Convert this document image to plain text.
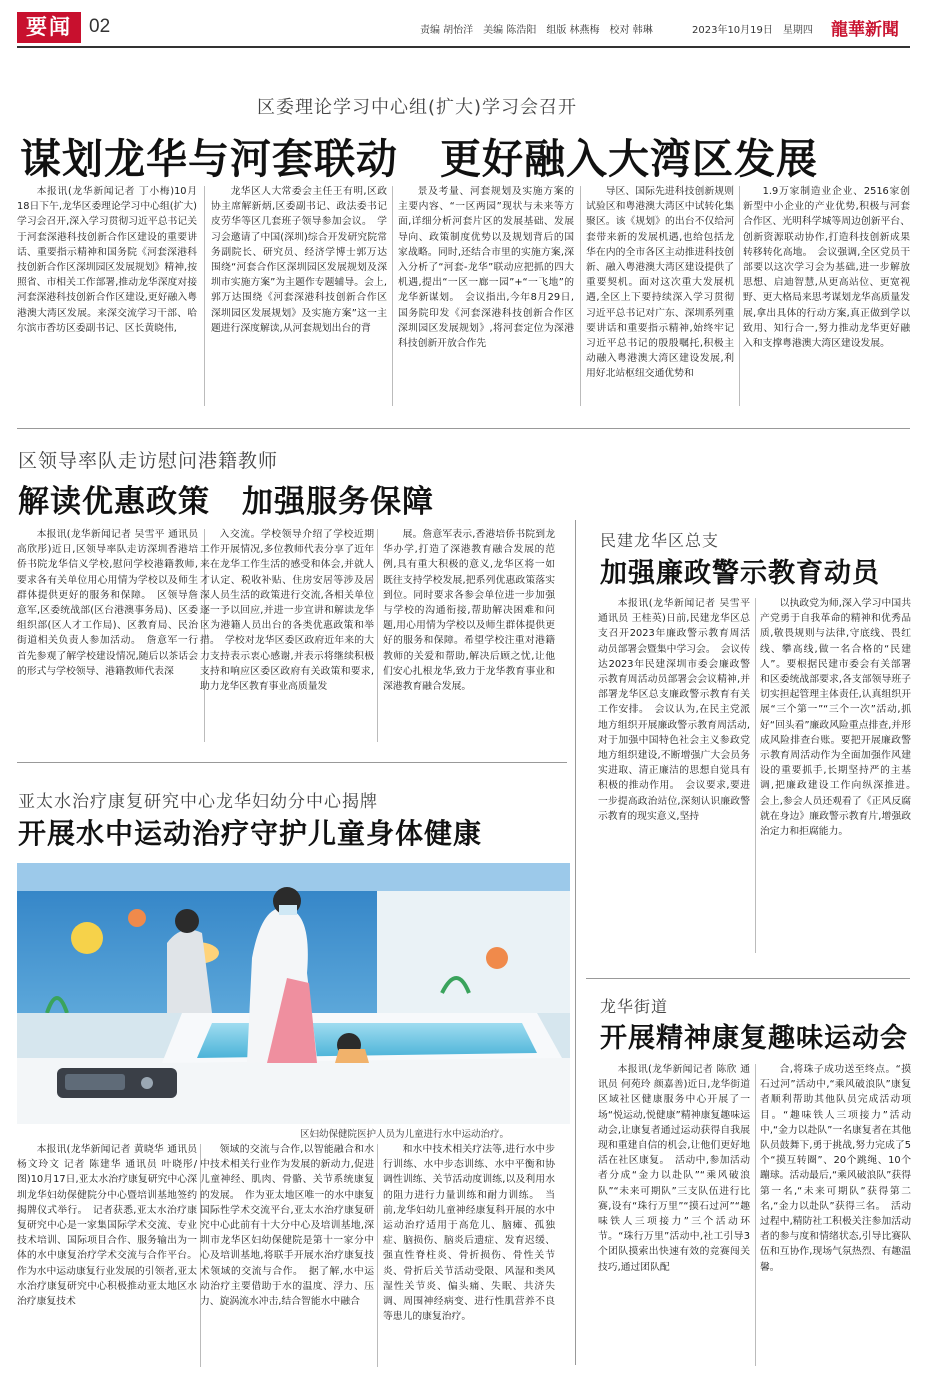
要闻 02	责编 胡怡洋　美编 陈浩阳　组版 林燕梅　校对 韩琳	2023年10月19日　星期四 龍華新聞
区委理论学习中心组(扩大)学习会召开
谋划龙华与河套联动　更好融入大湾区发展

本报讯(龙华新闻记者 丁小梅)10月18日下午,龙华区委理论学习中心组(扩大)学习会召开,深入学习贯彻习近平总书记关于河套深港科技创新合作区建设的重要讲话、重要指示精神和国务院《河套深港科技创新合作区深圳园区发展规划》精神,按照省、市相关工作部署,推动龙华深度对接河套深港科技创新合作区建设,更好融入粤港澳大湾区发展。来深交流学习干部、哈尔滨市香坊区委副书记、区长黄晓伟,

龙华区人大常委会主任王有明,区政协主席解新炳,区委副书记、政法委书记皮劳华等区几套班子领导参加会议。　学习会邀请了中国(深圳)综合开发研究院常务副院长、研究员、经济学博士郭万达围绕“河套合作区深圳园区发展规划及深圳市实施方案”为主题作专题辅导。会上,郭万达围绕《河套深港科技创新合作区深圳园区发展规划》及实施方案”这一主题进行深度解读,从河套规划出台的背

景及考量、河套规划及实施方案的主要内容、“一区两园”现状与未来等方面,详细分析河套片区的发展基础、发展导向、政策制度优势以及规划背后的国家战略。同时,还结合市里的实施方案,深入分析了“河套-龙华”联动应把抓的四大机遇,提出“一区一廊一园”+“一飞地”的龙华新谋划。　会议指出,今年8月29日,国务院印发《河套深港科技创新合作区深圳园区发展规划》,将河套定位为深港科技创新开放合作先

导区、国际先进科技创新规则试验区和粤港澳大湾区中试转化集聚区。该《规划》的出台不仅给河套带来新的发展机遇,也给包括龙华在内的全市各区主动推进科技创新、融入粤港澳大湾区建设提供了重要契机。面对这次重大发展机遇,全区上下要持续深入学习贯彻习近平总书记对广东、深圳系列重要讲话和重要指示精神,始终牢记习近平总书记的殷殷嘱托,积极主动融入粤港澳大湾区建设发展,利用好北站枢纽交通优势和

1.9万家制造业企业、2516家创新型中小企业的产业优势,积极与河套合作区、光明科学城等周边创新平台、创新资源联动协作,打造科技创新成果转移转化高地。　会议强调,全区党员干部要以这次学习会为基础,进一步解放思想、启迪智慧,从更高站位、更宽视野、更大格局来思考谋划龙华高质量发展,拿出具体的行动方案,真正做到学以致用、知行合一,努力推动龙华更好融入和支撑粤港澳大湾区建设发展。

区领导率队走访慰问港籍教师
解读优惠政策　加强服务保障

本报讯(龙华新闻记者 吴雪平 通讯员 高欣彤)近日,区领导率队走访深圳香港培侨书院龙华信义学校,慰问学校港籍教师,要求各有关单位用心用情为学校以及师生群体提供更好的服务和保障。　区领导詹意军,区委统战部(区台港澳事务局)、区委组织部(区人才工作局)、区教育局、民治街道相关负责人参加活动。　詹意军一行首先参观了解学校建设情况,随后以茶话会的形式与学校领导、港籍教师代表深

入交流。学校领导介绍了学校近期工作开展情况,多位教师代表分享了近年来在龙华工作生活的感受和体会,并就人才认定、税收补贴、住房安居等涉及居深人员生活的政策进行交流,各相关单位逐一予以回应,并进一步宣讲和解读龙华区为港籍人员出台的各类优惠政策和举措。　学校对龙华区委区政府近年来的大力支持表示衷心感谢,并表示将继续积极支持和响应区委区政府有关政策和要求,助力龙华区教育事业高质量发

展。詹意军表示,香港培侨书院到龙华办学,打造了深港教育融合发展的范例,具有重大积极的意义,龙华区将一如既往支持学校发展,把系列优惠政策落实到位。同时要求各参会单位进一步加强与学校的沟通衔接,帮助解决困难和问题,用心用情为学校以及师生群体提供更好的服务和保障。希望学校注重对港籍教师的关爱和帮助,解决后顾之忧,让他们安心扎根龙华,致力于龙华教育事业和深港教育融合发展。

民建龙华区总支
加强廉政警示教育动员

本报讯(龙华新闻记者 吴雪平 通讯员 王桂英)日前,民建龙华区总支召开2023年廉政警示教育周活动员部署会暨集中学习会。　会议传达2023年民建深圳市委会廉政警示教育周活动员部署会会议精神,并部署龙华区总支廉政警示教育有关工作安排。　会议认为,在民主党派地方组织开展廉政警示教育周活动,对于加强中国特色社会主义参政党地方组织建设,不断增强广大会员务实进取、清正廉洁的思想自觉具有积极的推动作用。　会议要求,要进一步提高政治站位,深刻认识廉政警示教育的现实意义,坚持

以执政党为师,深入学习中国共产党勇于自我革命的精神和优秀品质,敬畏规则与法律,守底线、畏红线、攀高线,做一名合格的“民建人”。要根据民建市委会有关部署和区委统战部要求,各支部领导班子切实担起管理主体责任,认真组织开展“三个第一”“三个一次”活动,抓好“回头看”廉政风险重点排查,并形成风险排查台账。要把开展廉政警示教育周活动作为全面加强作风建设的重要抓手,长期坚持严的主基调,把廉政建设工作向纵深推进。　会上,参会人员还观看了《正风反腐就在身边》廉政警示教育片,增强政治定力和拒腐能力。

龙华街道
开展精神康复趣味运动会

本报讯(龙华新闻记者 陈欣 通讯员 何苑玲 颜嘉善)近日,龙华街道区域社区健康服务中心开展了一场“悦运动,悦健康”精神康复趣味运动会,让康复者通过运动获得自我展现和重建自信的机会,让他们更好地活在社区康复。　活动中,参加活动者分成“金力以赴队”“乘风破浪队”“未来可期队”三支队伍进行比赛,设有“珠行万里”“摸石过河”“趣味铁人三项接力”三个活动环节。“珠行万里”活动中,社工引导3个团队摸索出快速有效的竞赛闯关技巧,通过团队配

合,将珠子成功送至终点。“摸石过河”活动中,“乘风破浪队”康复者顺利帮助其他队员完成活动项目。“趣味铁人三项接力”活动中,“金力以赴队”一名康复者在其他队员鼓舞下,勇于挑战,努力完成了5个“摸互转圈”、20个跳绳、10个蹦球。活动最后,“乘风破浪队”获得第一名,“未来可期队”获得第二名,“金力以赴队”获得三名。　活动过程中,精防社工积极关注参加活动者的参与度和情绪状态,引导比赛队伍和互协作,现场气氛热烈、有趣温馨。

亚太水治疗康复研究中心龙华妇幼分中心揭牌
开展水中运动治疗守护儿童身体健康
区妇幼保健院医护人员为儿童进行水中运动治疗。

本报讯(龙华新闻记者 黄晓华 通讯员 杨文玲文 记者 陈建华 通讯员 叶晓彤/图)10月17日,亚太水治疗康复研究中心深圳龙华妇幼保健院分中心暨培训基地签约揭牌仪式举行。　记者获悉,亚太水治疗康复研究中心是一家集国际学术交流、专业技术培训、国际项目合作、服务输出为一体的水中康复治疗学术交流与合作平台。作为水中运动康复行业发展的引领者,亚太水治疗康复研究中心积极推动亚太地区水治疗康复技术

领域的交流与合作,以智能融合和水中技术相关行业作为发展的新动力,促进儿童神经、肌肉、骨骼、关节系统康复的发展。　作为亚太地区唯一的水中康复国际性学术交流平台,亚太水治疗康复研究中心此前有十大分中心及培训基地,深圳市龙华区妇幼保健院是第十一家分中心及培训基地,将联手开展水治疗康复技术领域的交流与合作。　据了解,水中运动治疗主要借助于水的温度、浮力、压力、旋涡流水冲击,结合智能水中融合

和水中技术相关疗法等,进行水中步行训练、水中步态训练、水中平衡和协调性训练、关节活动度训练,以及利用水的阻力进行力量训练和耐力训练。　当前,龙华妇幼儿童神经康复科开展的水中运动治疗适用于高危儿、脑瘫、孤独症、脑损伤、脑炎后遗症、发育迟缓、强直性脊柱炎、骨折损伤、骨性关节炎、骨折后关节活动受限、风湿和类风湿性关节炎、偏头痛、失眠、共济失调、周围神经病变、进行性肌营养不良等患儿的康复治疗。
